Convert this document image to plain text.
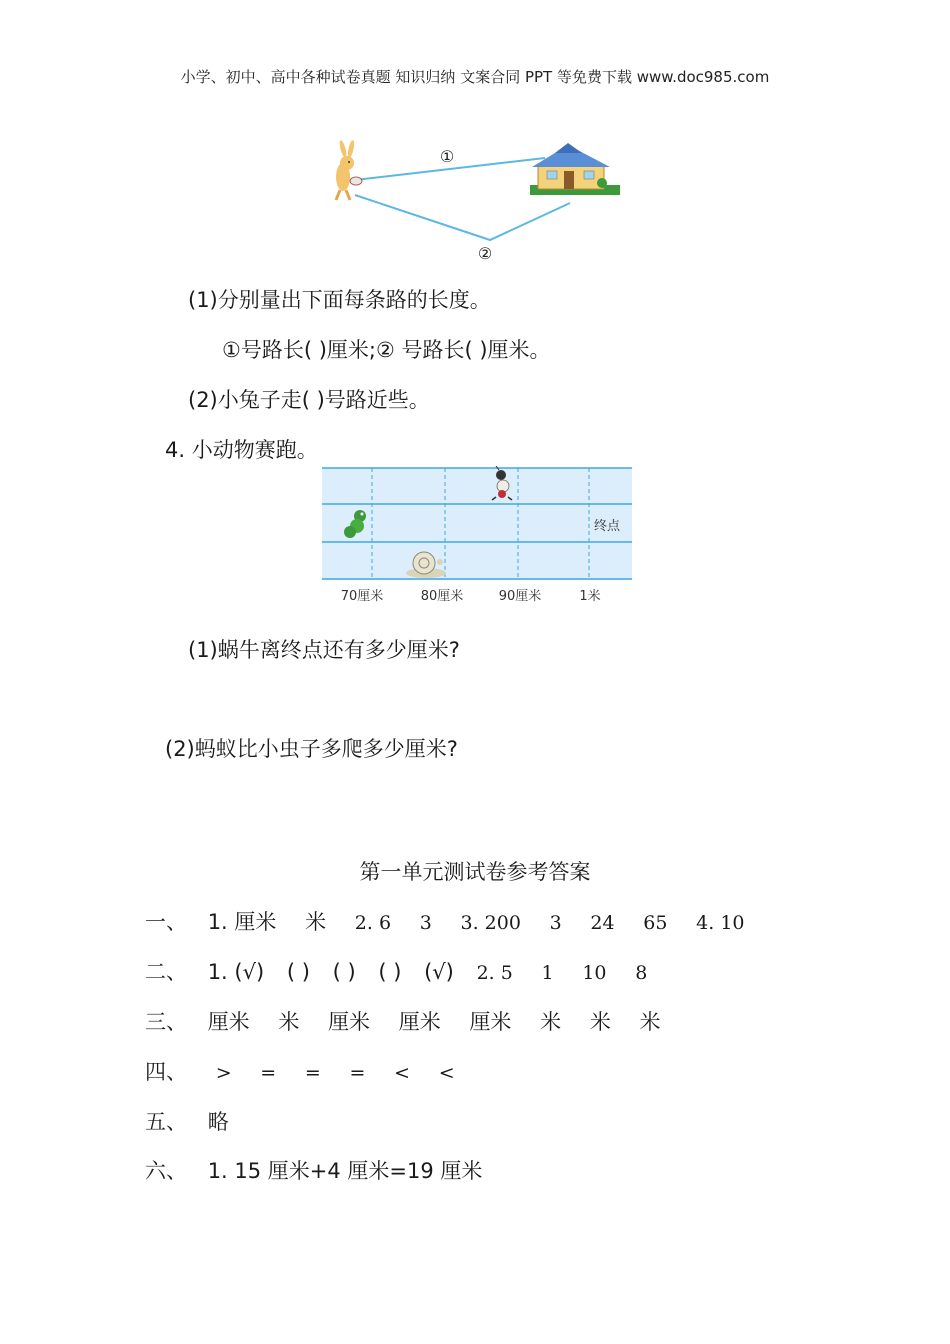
小学、初中、高中各种试卷真题 知识归纳 文案合同 PPT 等免费下载 www.doc985.com
①
②
(1)分别量出下面每条路的长度。
①号路长( )厘米;② 号路长( )厘米。
(2)小兔子走( )号路近些。
4. 小动物赛跑。
终点
70厘米	80厘米	90厘米	1米
(1)蜗牛离终点还有多少厘米?
(2)蚂蚁比小虫子多爬多少厘米?
第一单元测试卷参考答案
一、 1. 厘米 米 2. 6 3 3. 200 3 24 65 4. 10
二、 1. (√) ( ) ( ) ( ) (√) 2. 5 1 10 8
三、 厘米 米 厘米 厘米 厘米 米 米 米
四、 > = = = < <
五、 略
六、 1. 15 厘米+4 厘米=19 厘米
